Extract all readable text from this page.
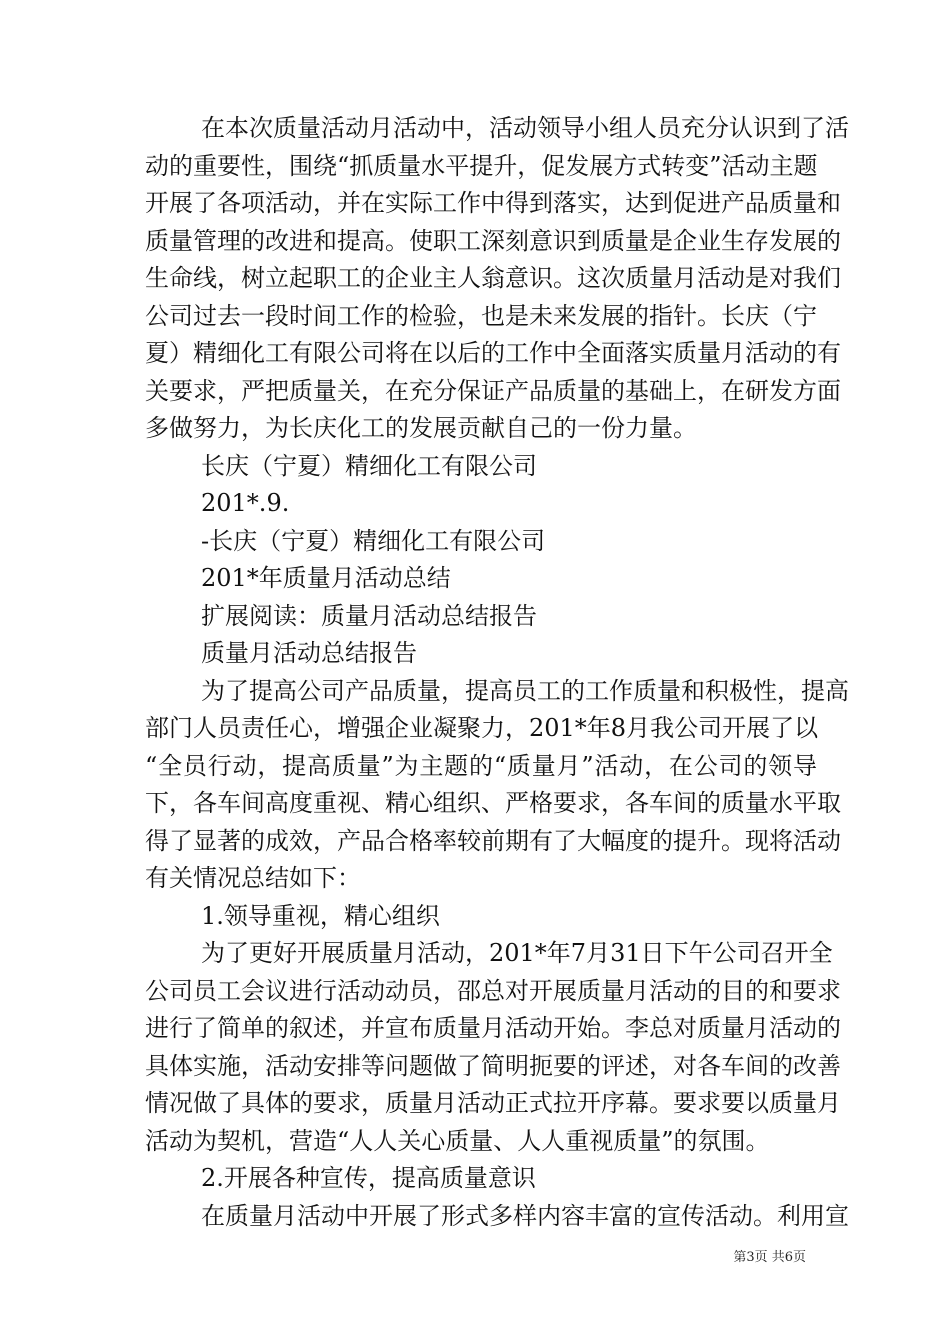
在本次质量活动月活动中，活动领导小组人员充分认识到了活
动的重要性，围绕“抓质量水平提升，促发展方式转变”活动主题
开展了各项活动，并在实际工作中得到落实，达到促进产品质量和
质量管理的改进和提高。使职工深刻意识到质量是企业生存发展的
生命线，树立起职工的企业主人翁意识。这次质量月活动是对我们
公司过去一段时间工作的检验，也是未来发展的指针。长庆（宁
夏）精细化工有限公司将在以后的工作中全面落实质量月活动的有
关要求，严把质量关，在充分保证产品质量的基础上，在研发方面
多做努力，为长庆化工的发展贡献自己的一份力量。
长庆（宁夏）精细化工有限公司
201*.9.
-长庆（宁夏）精细化工有限公司
201*年质量月活动总结
扩展阅读：质量月活动总结报告
质量月活动总结报告
为了提高公司产品质量，提高员工的工作质量和积极性，提高
部门人员责任心，增强企业凝聚力，201*年8月我公司开展了以
“全员行动，提高质量”为主题的“质量月”活动，在公司的领导
下，各车间高度重视、精心组织、严格要求，各车间的质量水平取
得了显著的成效，产品合格率较前期有了大幅度的提升。现将活动
有关情况总结如下：
1.领导重视，精心组织
为了更好开展质量月活动，201*年7月31日下午公司召开全
公司员工会议进行活动动员，邵总对开展质量月活动的目的和要求
进行了简单的叙述，并宣布质量月活动开始。李总对质量月活动的
具体实施，活动安排等问题做了简明扼要的评述，对各车间的改善
情况做了具体的要求，质量月活动正式拉开序幕。要求要以质量月
活动为契机，营造“人人关心质量、人人重视质量”的氛围。
2.开展各种宣传，提高质量意识
在质量月活动中开展了形式多样内容丰富的宣传活动。利用宣
第3页 共6页
